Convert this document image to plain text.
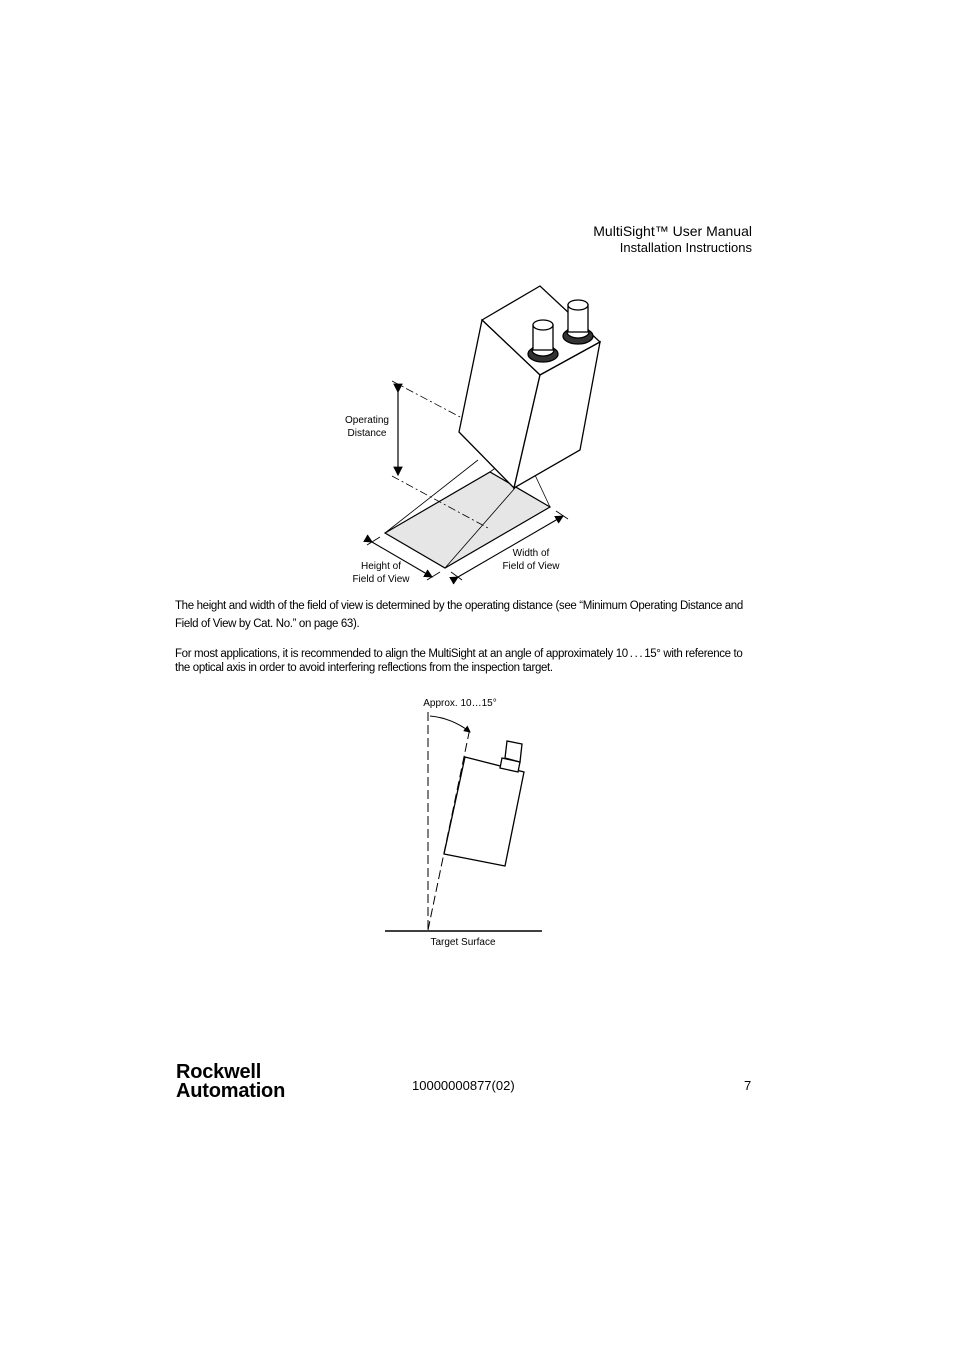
MultiSight™ User Manual
Installation Instructions
Operating
Distance
Height of
Field of View
Width of
Field of View
The height and width of the field of view is determined by the operating distance (see “Minimum Operating Distance and Field of View by Cat. No.” on page 63).
For most applications, it is recommended to align the MultiSight at an angle of approximately 10 . . . 15° with reference to the optical axis in order to avoid interfering reflections from the inspection target.
Approx. 10…15°
Target Surface
Rockwell
Automation	10000000877(02)	7
